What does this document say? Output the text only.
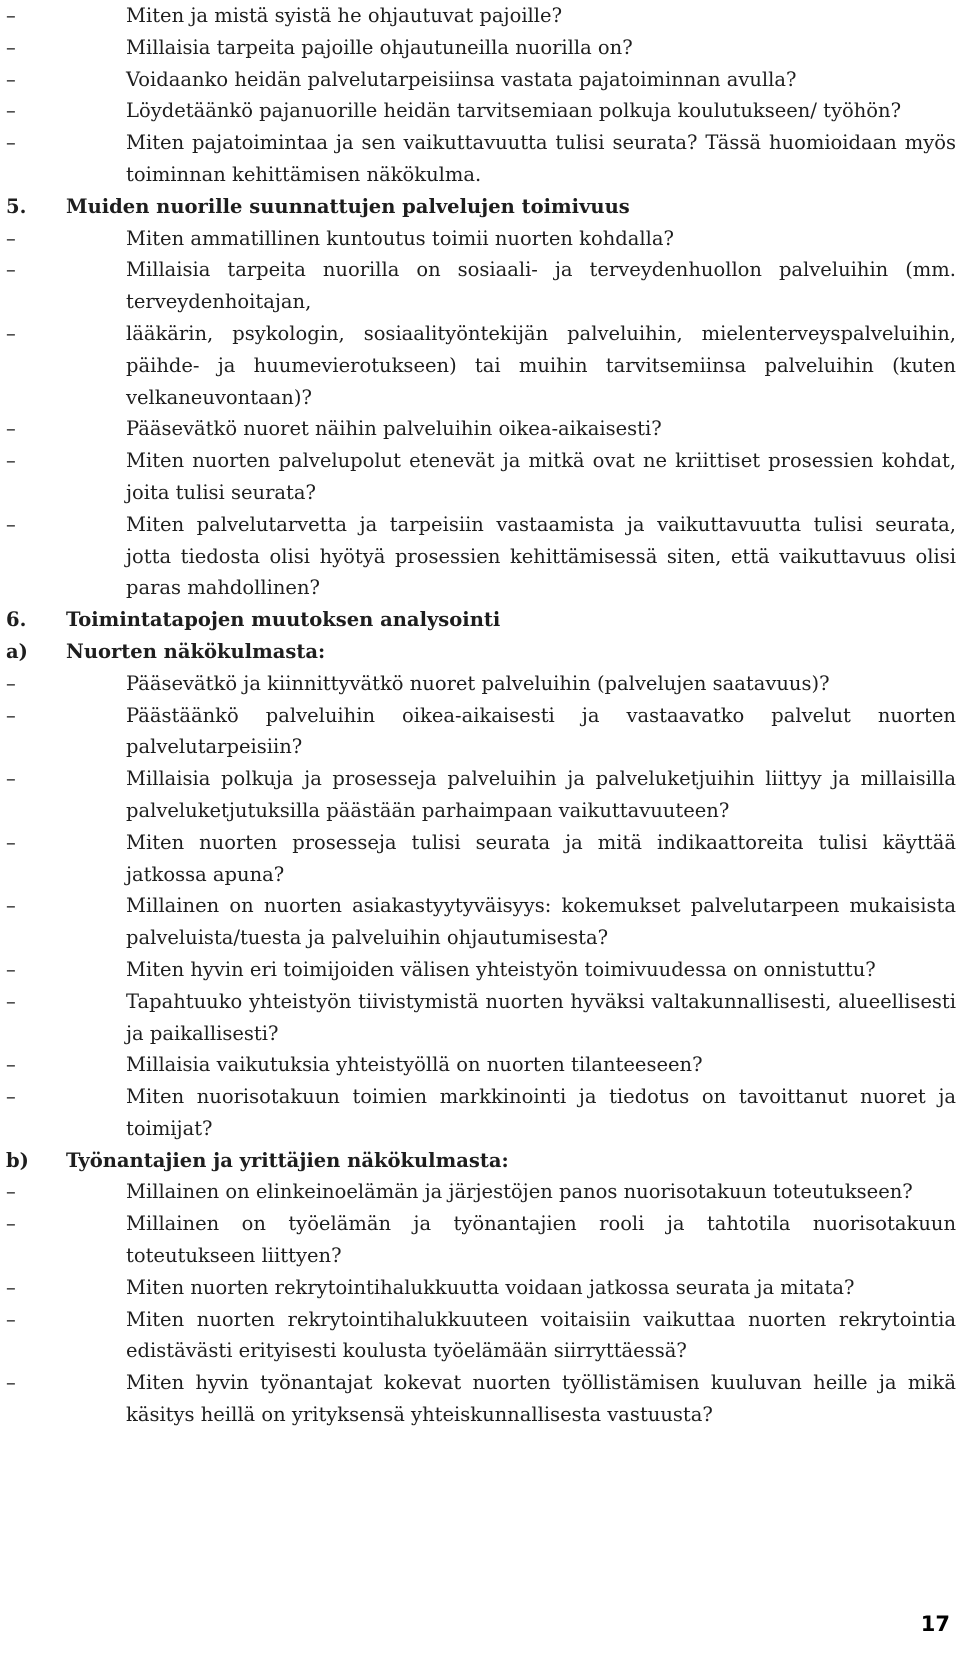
–	Miten ja mistä syistä he ohjautuvat pajoille?
–	Millaisia tarpeita pajoille ohjautuneilla nuorilla on?
–	Voidaanko heidän palvelutarpeisiinsa vastata pajatoiminnan avulla?
–	Löydetäänkö pajanuorille heidän tarvitsemiaan polkuja koulutukseen/ työhön?
–	Miten pajatoimintaa ja sen vaikuttavuutta tulisi seurata? Tässä huomioidaan myös toiminnan kehittämisen näkökulma.
5. Muiden nuorille suunnattujen palvelujen toimivuus
–	Miten ammatillinen kuntoutus toimii nuorten kohdalla?
–	Millaisia tarpeita nuorilla on sosiaali- ja terveydenhuollon palveluihin (mm. terveydenhoitajan,
–	lääkärin, psykologin, sosiaalityöntekijän palveluihin, mielenterveyspalveluihin, päihde- ja huumevierotukseen) tai muihin tarvitsemiinsa palveluihin (kuten velkaneuvontaan)?
–	Pääsevätkö nuoret näihin palveluihin oikea-aikaisesti?
–	Miten nuorten palvelupolut etenevät ja mitkä ovat ne kriittiset prosessien kohdat, joita tulisi seurata?
–	Miten palvelutarvetta ja tarpeisiin vastaamista ja vaikuttavuutta tulisi seurata, jotta tiedosta olisi hyötyä prosessien kehittämisessä siten, että vaikuttavuus olisi paras mahdollinen?
6. Toimintatapojen muutoksen analysointi
a) Nuorten näkökulmasta:
–	Pääsevätkö ja kiinnittyvätkö nuoret palveluihin (palvelujen saatavuus)?
–	Päästäänkö palveluihin oikea-aikaisesti ja vastaavatko palvelut nuorten palvelutarpeisiin?
–	Millaisia polkuja ja prosesseja palveluihin ja palveluketjuihin liittyy ja millaisilla palveluketjutuksilla päästään parhaimpaan vaikuttavuuteen?
–	Miten nuorten prosesseja tulisi seurata ja mitä indikaattoreita tulisi käyttää jatkossa apuna?
–	Millainen on nuorten asiakastyytyväisyys: kokemukset palvelutarpeen mukaisista palveluista/tuesta ja palveluihin ohjautumisesta?
–	Miten hyvin eri toimijoiden välisen yhteistyön toimivuudessa on onnistuttu?
–	Tapahtuuko yhteistyön tiivistymistä nuorten hyväksi valtakunnallisesti, alueellisesti ja paikallisesti?
–	Millaisia vaikutuksia yhteistyöllä on nuorten tilanteeseen?
–	Miten nuorisotakuun toimien markkinointi ja tiedotus on tavoittanut nuoret ja toimijat?
b) Työnantajien ja yrittäjien näkökulmasta:
–	Millainen on elinkeinoelämän ja järjestöjen panos nuorisotakuun toteutukseen?
–	Millainen on työelämän ja työnantajien rooli ja tahtotila nuorisotakuun toteutukseen liittyen?
–	Miten nuorten rekrytointihalukkuutta voidaan jatkossa seurata ja mitata?
–	Miten nuorten rekrytointihalukkuuteen voitaisiin vaikuttaa nuorten rekrytointia edistävästi erityisesti koulusta työelämään siirryttäessä?
–	Miten hyvin työnantajat kokevat nuorten työllistämisen kuuluvan heille ja mikä käsitys heillä on yrityksensä yhteiskunnallisesta vastuusta?
17
